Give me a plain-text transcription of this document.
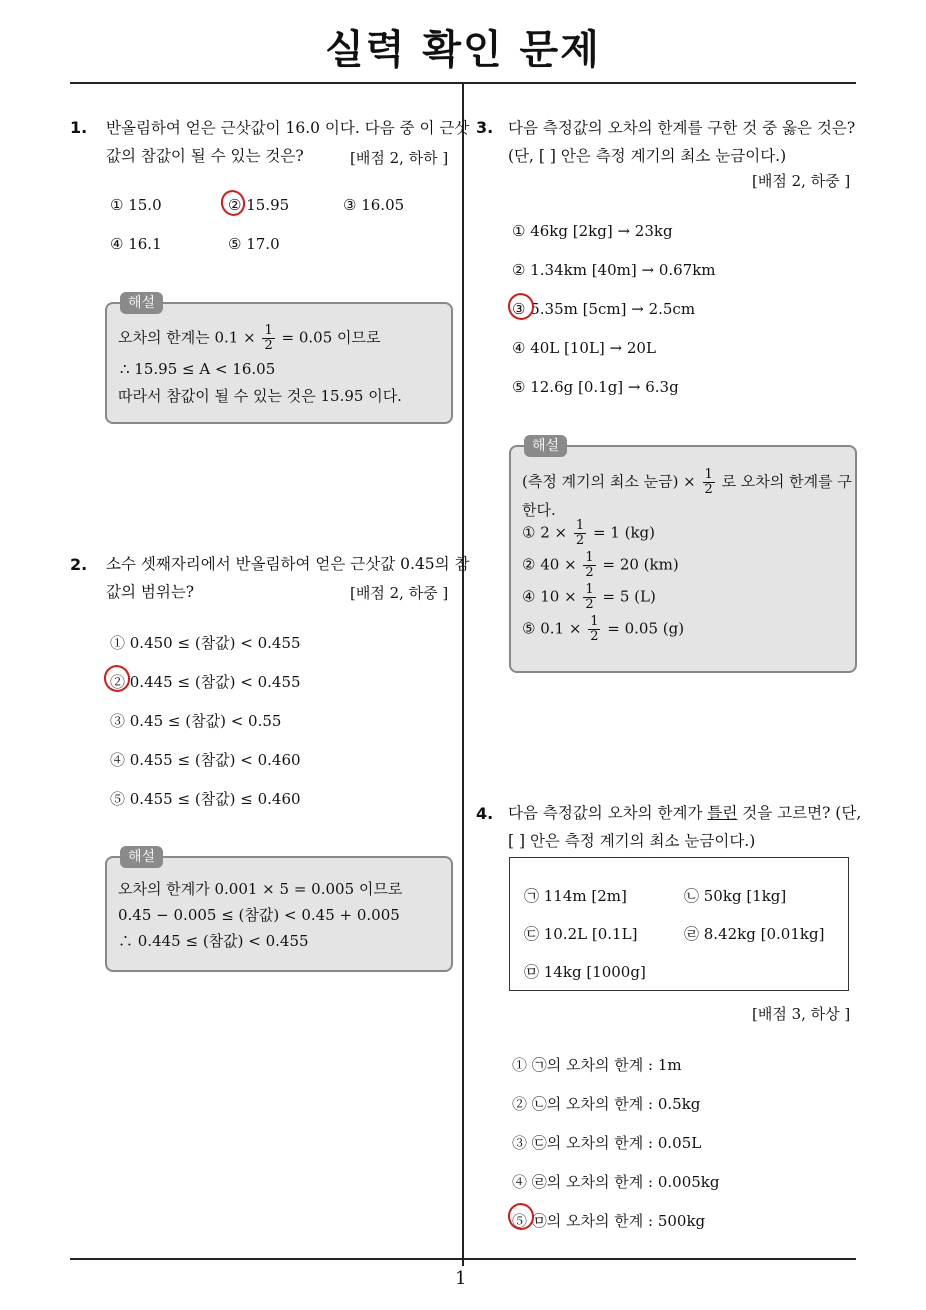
실력 확인 문제
1
1. 반올림하여 얻은 근삿값이 16.0 이다. 다음 중 이 근삿
값의 참값이 될 수 있는 것은?	[배점 2, 하하 ]
① 15.0	② 15.95	③ 16.05
④ 16.1	⑤ 17.0
해설
오차의 한계는 $0.1 \times \frac{1}{2} = 0.05$ 이므로
∴ 15.95 ≤ A < 16.05
따라서 참값이 될 수 있는 것은 15.95 이다.
2. 소수 셋째자리에서 반올림하여 얻은 근삿값 0.45의 참
값의 범위는?	[배점 2, 하중 ]
① 0.450 ≤ (참값) < 0.455
② 0.445 ≤ (참값) < 0.455
③ 0.45 ≤ (참값) < 0.55
④ 0.455 ≤ (참값) < 0.460
⑤ 0.455 ≤ (참값) ≤ 0.460
해설
오차의 한계가 0.001 × 5 = 0.005 이므로
0.45 − 0.005 ≤ (참값) < 0.45 + 0.005
∴ 0.445 ≤ (참값) < 0.455
3. 다음 측정값의 오차의 한계를 구한 것 중 옳은 것은?
(단, [ ] 안은 측정 계기의 최소 눈금이다.)
[배점 2, 하중 ]
① 46kg [2kg] → 23kg
② 1.34km [40m] → 0.67km
③ 5.35m [5cm] → 2.5cm
④ 40L [10L] → 20L
⑤ 12.6g [0.1g] → 6.3g
해설
(측정 계기의 최소 눈금) × $\frac{1}{2}$ 로 오차의 한계를 구
한다.
① $2 \times \frac{1}{2} = 1$ (kg)
② $40 \times \frac{1}{2} = 20$ (km)
④ $10 \times \frac{1}{2} = 5$ (L)
⑤ $0.1 \times \frac{1}{2} = 0.05$ (g)
4. 다음 측정값의 오차의 한계가 틀린 것을 고르면? (단,
[ ] 안은 측정 계기의 최소 눈금이다.)
㉠ 114m [2m]	㉡ 50kg [1kg]
㉢ 10.2L [0.1L]	㉣ 8.42kg [0.01kg]
㉤ 14kg [1000g]
[배점 3, 하상 ]
① ㉠의 오차의 한계 : 1m
② ㉡의 오차의 한계 : 0.5kg
③ ㉢의 오차의 한계 : 0.05L
④ ㉣의 오차의 한계 : 0.005kg
⑤ ㉤의 오차의 한계 : 500kg
